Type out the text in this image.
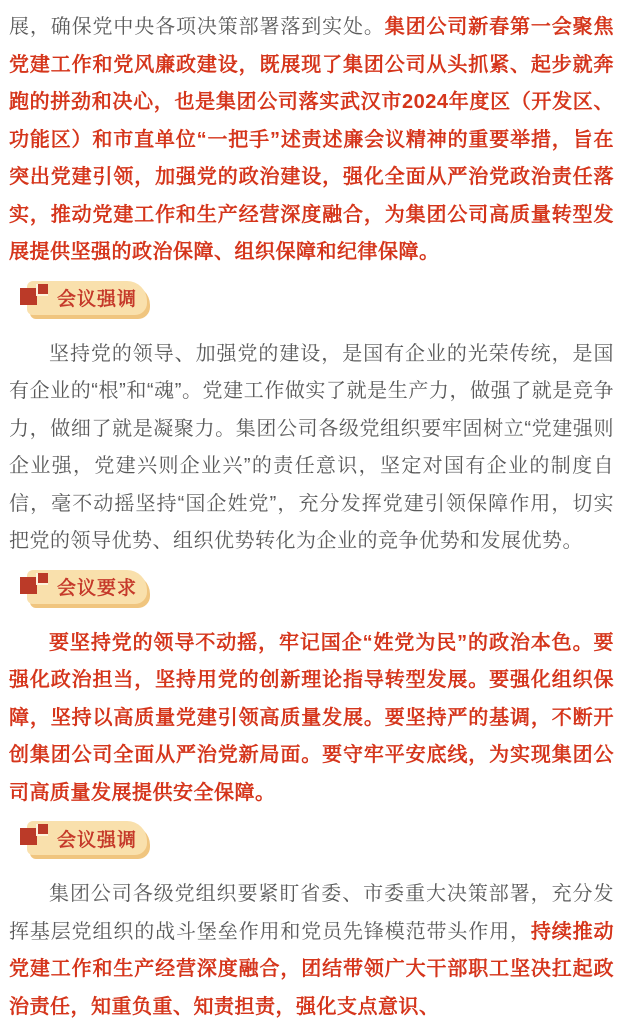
展，确保党中央各项决策部署落到实处。集团公司新春第一会聚焦党建工作和党风廉政建设，既展现了集团公司从头抓紧、起步就奔跑的拼劲和决心，也是集团公司落实武汉市2024年度区（开发区、功能区）和市直单位“一把手”述责述廉会议精神的重要举措，旨在突出党建引领，加强党的政治建设，强化全面从严治党政治责任落实，推动党建工作和生产经营深度融合，为集团公司高质量转型发展提供坚强的政治保障、组织保障和纪律保障。

会议强调

坚持党的领导、加强党的建设，是国有企业的光荣传统，是国有企业的“根”和“魂”。党建工作做实了就是生产力，做强了就是竞争力，做细了就是凝聚力。集团公司各级党组织要牢固树立“党建强则企业强，党建兴则企业兴”的责任意识，坚定对国有企业的制度自信，毫不动摇坚持“国企姓党”，充分发挥党建引领保障作用，切实把党的领导优势、组织优势转化为企业的竞争优势和发展优势。

会议要求

要坚持党的领导不动摇，牢记国企“姓党为民”的政治本色。要强化政治担当，坚持用党的创新理论指导转型发展。要强化组织保障，坚持以高质量党建引领高质量发展。要坚持严的基调，不断开创集团公司全面从严治党新局面。要守牢平安底线，为实现集团公司高质量发展提供安全保障。

会议强调

集团公司各级党组织要紧盯省委、市委重大决策部署，充分发挥基层党组织的战斗堡垒作用和党员先锋模范带头作用，持续推动党建工作和生产经营深度融合，团结带领广大干部职工坚决扛起政治责任，知重负重、知责担责，强化支点意识、
